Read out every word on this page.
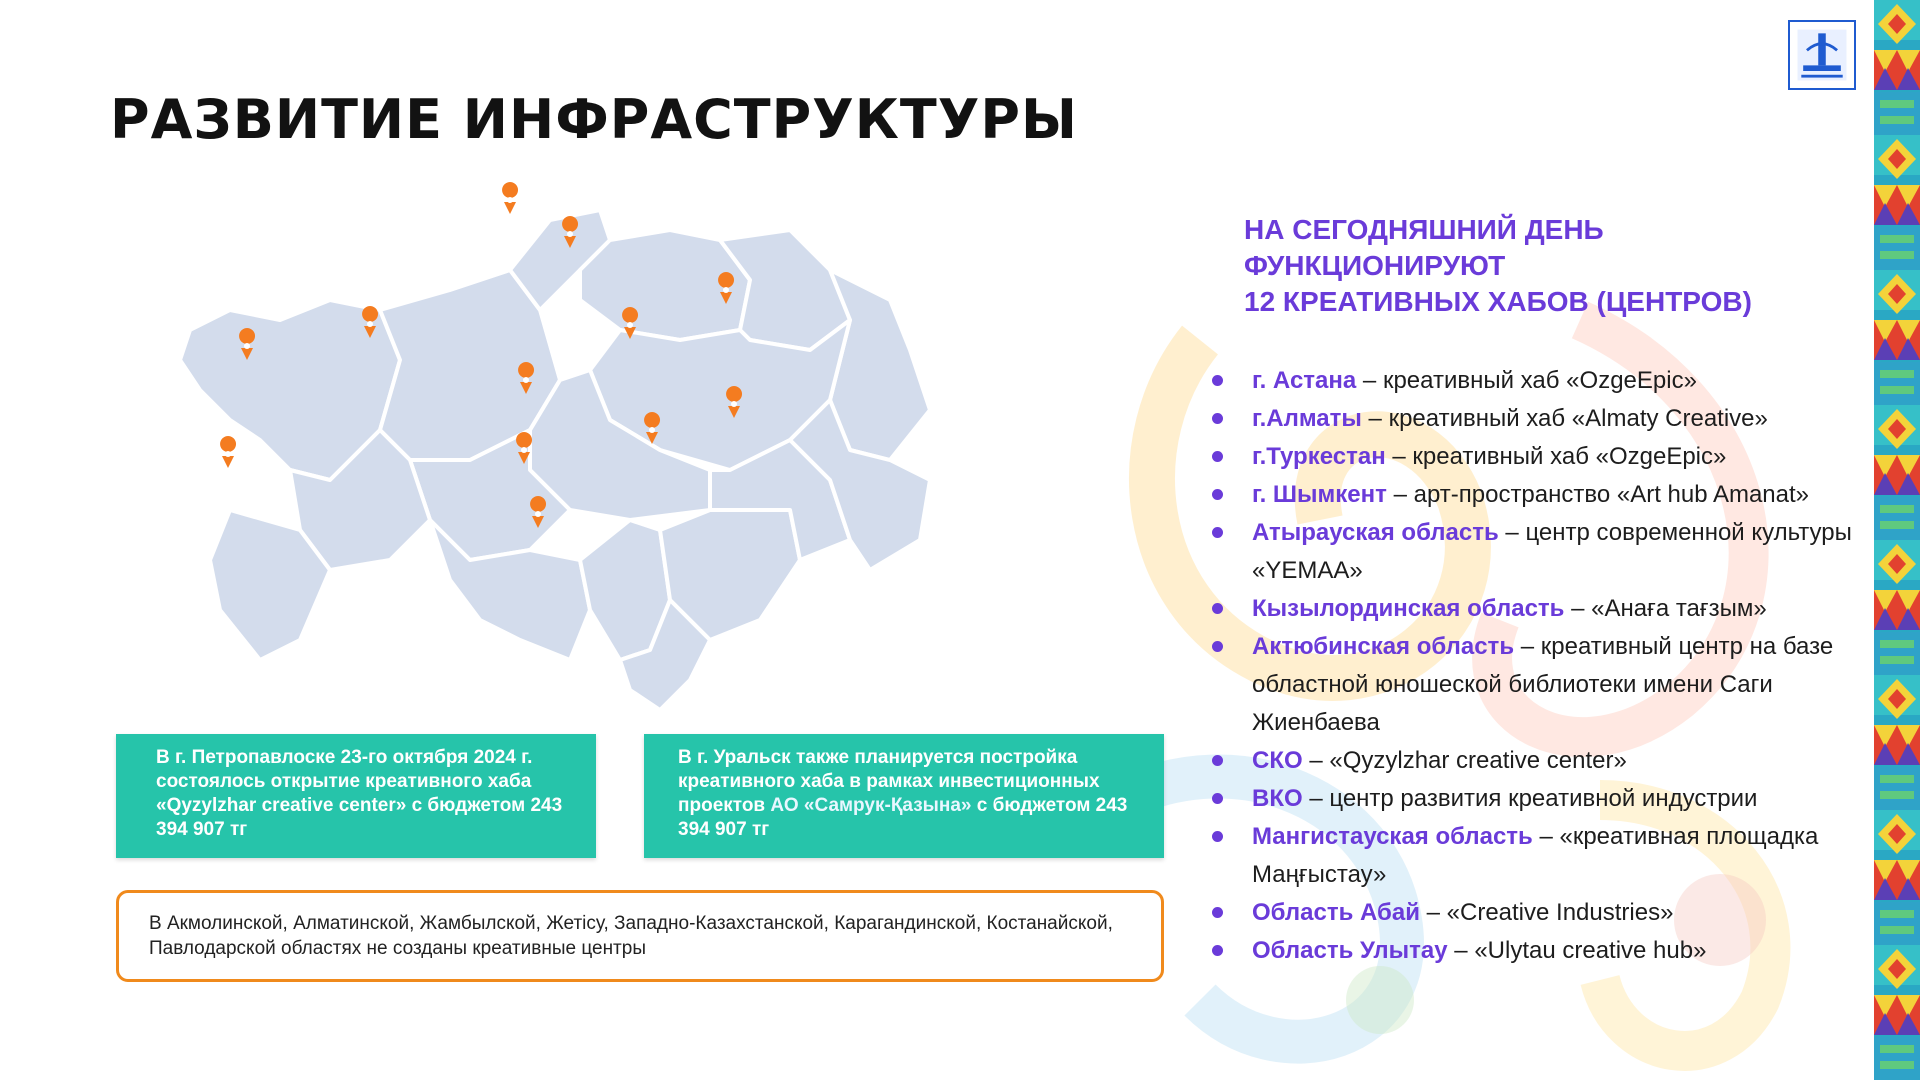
РАЗВИТИЕ ИНФРАСТРУКТУРЫ
В г. Петропавлоске 23-го октября 2024 г. состоялось открытие креативного хаба «Qyzylzhar creative center» с бюджетом 243 394 907 тг
В г. Уральск также планируется постройка креативного хаба в рамках инвестиционных проектов АО «Самрук-Қазына» с бюджетом 243 394 907 тг
В Акмолинской, Алматинской, Жамбылской, Жетісу, Западно-Казахстанской, Карагандинской, Костанайской, Павлодарской областях не созданы креативные центры
НА СЕГОДНЯШНИЙ ДЕНЬ
ФУНКЦИОНИРУЮТ
12 КРЕАТИВНЫХ ХАБОВ (ЦЕНТРОВ)
г. Астана – креативный хаб «OzgeEpic»
г.Алматы – креативный хаб «Almaty Creative»
г.Туркестан – креативный хаб «OzgeEpic»
г. Шымкент – арт-пространство «Art hub Amanat»
Атырауская область – центр современной культуры «YEMAA»
Кызылординская область – «Анаға тағзым»
Актюбинская область – креативный центр на базе областной юношеской библиотеки имени Саги Жиенбаева
СКО – «Qyzylzhar creative center»
ВКО – центр развития креативной индустрии
Мангистауская область – «креативная площадка Маңғыстау»
Область Абай – «Creative Industries»
Область Улытау – «Ulytau creative hub»
